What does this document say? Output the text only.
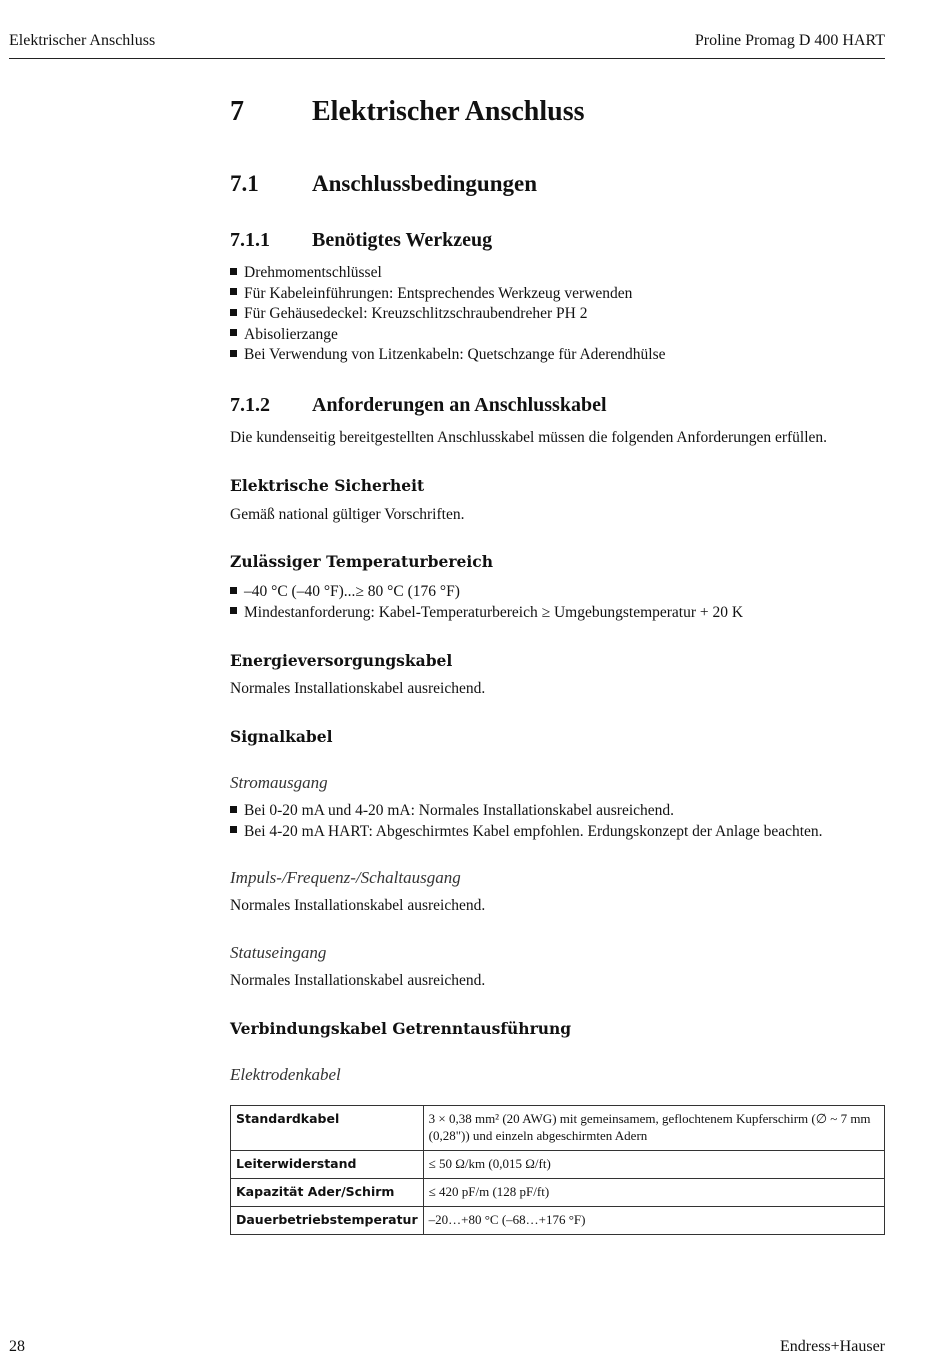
Elektrischer Anschluss	Proline Promag D 400 HART
7 Elektrischer Anschluss
7.1 Anschlussbedingungen
7.1.1 Benötigtes Werkzeug
Drehmomentschlüssel
Für Kabeleinführungen: Entsprechendes Werkzeug verwenden
Für Gehäusedeckel: Kreuzschlitzschraubendreher PH 2
Abisolierzange
Bei Verwendung von Litzenkabeln: Quetschzange für Aderendhülse
7.1.2 Anforderungen an Anschlusskabel
Die kundenseitig bereitgestellten Anschlusskabel müssen die folgenden Anforderungen erfüllen.
Elektrische Sicherheit
Gemäß national gültiger Vorschriften.
Zulässiger Temperaturbereich
–40 °C (–40 °F)...≥ 80 °C (176 °F)
Mindestanforderung: Kabel-Temperaturbereich ≥ Umgebungstemperatur + 20 K
Energieversorgungskabel
Normales Installationskabel ausreichend.
Signalkabel
Stromausgang
Bei 0-20 mA und 4-20 mA: Normales Installationskabel ausreichend.
Bei 4-20 mA HART: Abgeschirmtes Kabel empfohlen. Erdungskonzept der Anlage beachten.
Impuls-/Frequenz-/Schaltausgang
Normales Installationskabel ausreichend.
Statuseingang
Normales Installationskabel ausreichend.
Verbindungskabel Getrenntausführung
Elektrodenkabel
Standardkabel	3 × 0,38 mm² (20 AWG) mit gemeinsamem, geflochtenem Kupferschirm (∅ ~ 7 mm (0,28")) und einzeln abgeschirmten Adern
Leiterwiderstand	≤ 50 Ω/km (0,015 Ω/ft)
Kapazität Ader/Schirm	≤ 420 pF/m (128 pF/ft)
Dauerbetriebstemperatur	–20…+80 °C (–68…+176 °F)
28	Endress+Hauser
